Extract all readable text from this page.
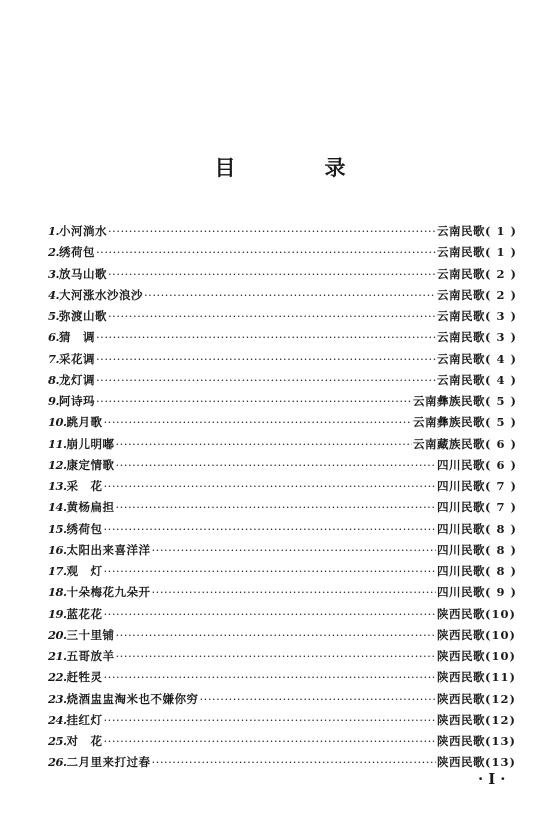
目　录
1. 小河淌水 ·····	云南民歌 ( 1 )
2. 绣荷包 ·····	云南民歌 ( 1 )
3. 放马山歌 ·····	云南民歌 ( 2 )
4. 大河涨水沙浪沙 ·····	云南民歌 ( 2 )
5. 弥渡山歌 ·····	云南民歌 ( 3 )
6. 猜　调 ·····	云南民歌 ( 3 )
7. 采花调 ·····	云南民歌 ( 4 )
8. 龙灯调 ·····	云南民歌 ( 4 )
9. 阿诗玛 ·····	云南彝族民歌 ( 5 )
10. 跳月歌 ·····	云南彝族民歌 ( 5 )
11. 崩儿明嘟 ·····	云南藏族民歌 ( 6 )
12. 康定情歌 ·····	四川民歌 ( 6 )
13. 采　花 ·····	四川民歌 ( 7 )
14. 黄杨扁担 ·····	四川民歌 ( 7 )
15. 绣荷包 ·····	四川民歌 ( 8 )
16. 太阳出来喜洋洋 ·····	四川民歌 ( 8 )
17. 观　灯 ·····	四川民歌 ( 8 )
18. 十朵梅花九朵开 ·····	四川民歌 ( 9 )
19. 蓝花花 ·····	陕西民歌 (10)
20. 三十里铺 ·····	陕西民歌 (10)
21. 五哥放羊 ·····	陕西民歌 (10)
22. 赶牲灵 ·····	陕西民歌 (11)
23. 烧酒盅盅淘米也不嫌你穷 ·····	陕西民歌 (12)
24. 挂红灯 ·····	陕西民歌 (12)
25. 对　花 ·····	陕西民歌 (13)
26. 二月里来打过春 ·····	陕西民歌 (13)
·Ⅰ·
